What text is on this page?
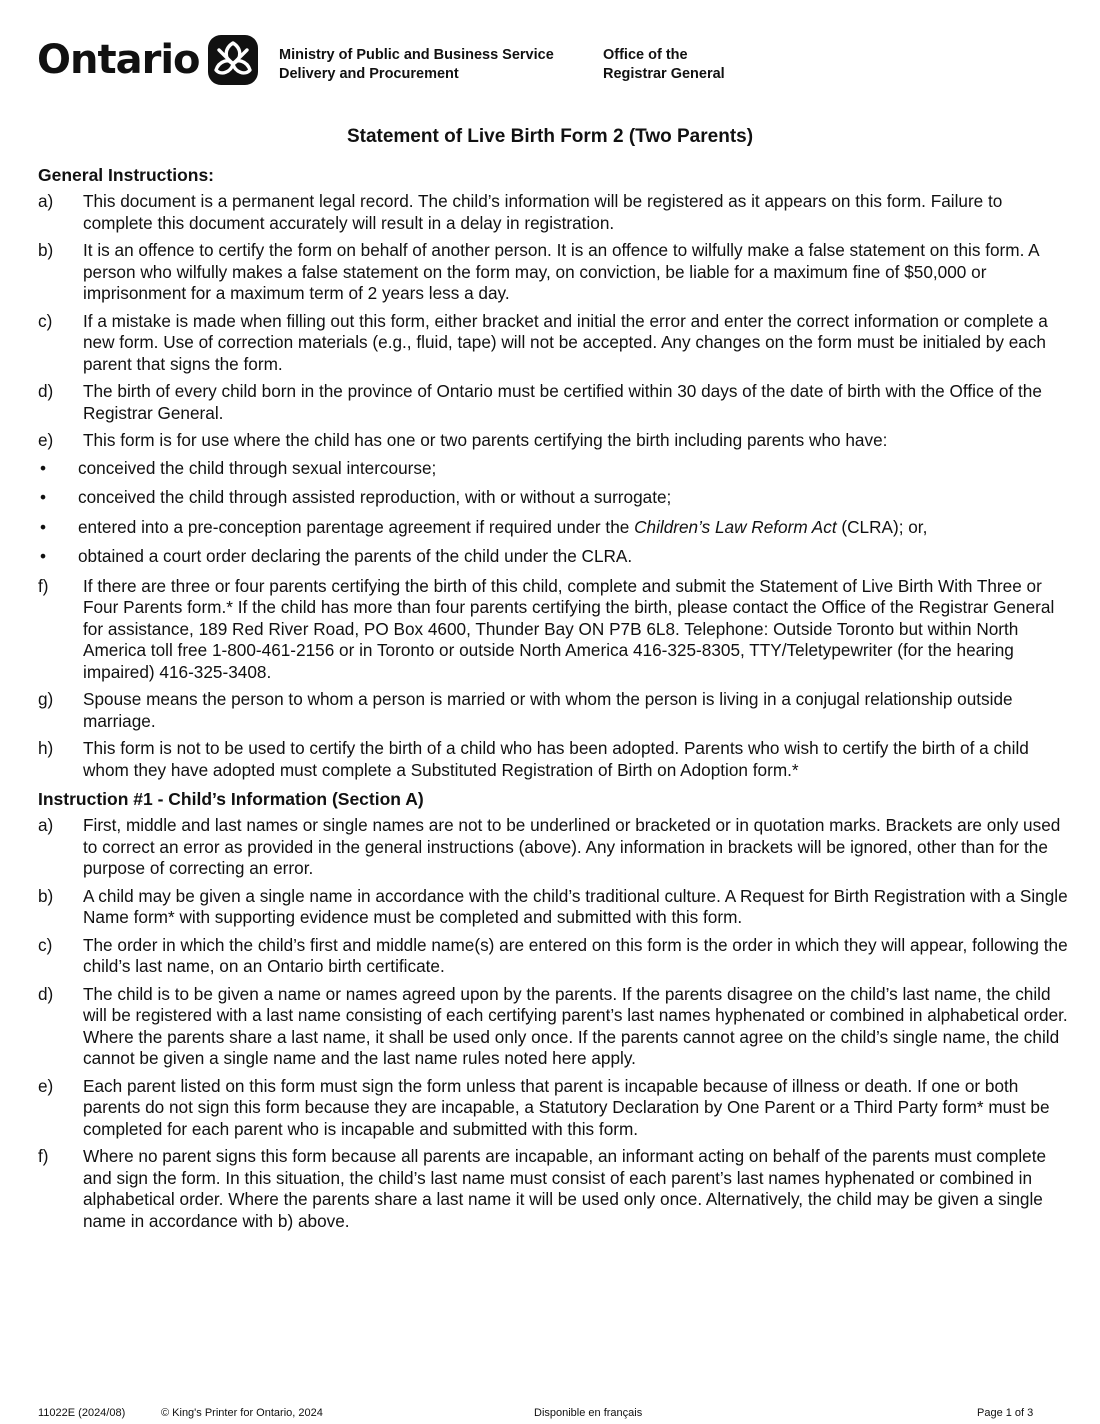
Ontario	Ministry of Public and Business Service
Delivery and Procurement
Office of the
Registrar General
Statement of Live Birth Form 2 (Two Parents)
General Instructions:
a)	This document is a permanent legal record. The child’s information will be registered as it appears on this form. Failure to complete this document accurately will result in a delay in registration.
b)	It is an offence to certify the form on behalf of another person. It is an offence to wilfully make a false statement on this form. A person who wilfully makes a false statement on the form may, on conviction, be liable for a maximum fine of $50,000 or imprisonment for a maximum term of 2 years less a day.
c)	If a mistake is made when filling out this form, either bracket and initial the error and enter the correct information or complete a new form. Use of correction materials (e.g., fluid, tape) will not be accepted. Any changes on the form must be initialed by each parent that signs the form.
d)	The birth of every child born in the province of Ontario must be certified within 30 days of the date of birth with the Office of the Registrar General.
e)	This form is for use where the child has one or two parents certifying the birth including parents who have:
•	conceived the child through sexual intercourse;
•	conceived the child through assisted reproduction, with or without a surrogate;
•	entered into a pre-conception parentage agreement if required under the Children’s Law Reform Act (CLRA); or,
•	obtained a court order declaring the parents of the child under the CLRA.
f)	If there are three or four parents certifying the birth of this child, complete and submit the Statement of Live Birth With Three or Four Parents form.* If the child has more than four parents certifying the birth, please contact the Office of the Registrar General for assistance, 189 Red River Road, PO Box 4600, Thunder Bay ON P7B 6L8. Telephone: Outside Toronto but within North America toll free 1-800-461-2156 or in Toronto or outside North America 416-325-8305, TTY/Teletypewriter (for the hearing impaired) 416-325-3408.
g)	Spouse means the person to whom a person is married or with whom the person is living in a conjugal relationship outside marriage.
h)	This form is not to be used to certify the birth of a child who has been adopted. Parents who wish to certify the birth of a child whom they have adopted must complete a Substituted Registration of Birth on Adoption form.*
Instruction #1 - Child’s Information (Section A)
a)	First, middle and last names or single names are not to be underlined or bracketed or in quotation marks. Brackets are only used to correct an error as provided in the general instructions (above). Any information in brackets will be ignored, other than for the purpose of correcting an error.
b)	A child may be given a single name in accordance with the child’s traditional culture. A Request for Birth Registration with a Single Name form* with supporting evidence must be completed and submitted with this form.
c)	The order in which the child’s first and middle name(s) are entered on this form is the order in which they will appear, following the child’s last name, on an Ontario birth certificate.
d)	The child is to be given a name or names agreed upon by the parents. If the parents disagree on the child’s last name, the child will be registered with a last name consisting of each certifying parent’s last names hyphenated or combined in alphabetical order. Where the parents share a last name, it shall be used only once. If the parents cannot agree on the child’s single name, the child cannot be given a single name and the last name rules noted here apply.
e)	Each parent listed on this form must sign the form unless that parent is incapable because of illness or death. If one or both parents do not sign this form because they are incapable, a Statutory Declaration by One Parent or a Third Party form* must be completed for each parent who is incapable and submitted with this form.
f)	Where no parent signs this form because all parents are incapable, an informant acting on behalf of the parents must complete and sign the form. In this situation, the child’s last name must consist of each parent’s last names hyphenated or combined in alphabetical order. Where the parents share a last name it will be used only once. Alternatively, the child may be given a single name in accordance with b) above.
11022E (2024/08)	© King's Printer for Ontario, 2024	Disponible en français	Page 1 of 3
